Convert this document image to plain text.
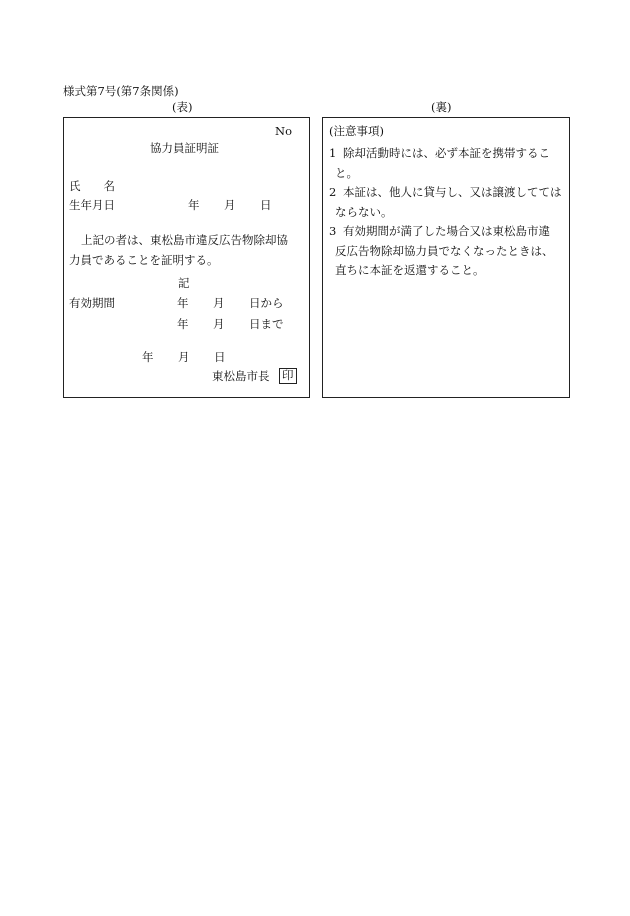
様式第7号(第7条関係)
(表)	(裏)
No
協力員証明証
氏　　名
生年月日	年 月 日
上記の者は、東松島市違反広告物除却協
力員であることを証明する。
記
有効期間	年 月 日から
年 月 日まで
年 月 日
東松島市長 印
(注意事項)
1 除却活動時には、必ず本証を携帯するこ
と。
2 本証は、他人に貸与し、又は譲渡してては
ならない。
3 有効期間が満了した場合又は東松島市違
反広告物除却協力員でなくなったときは、
直ちに本証を返還すること。
